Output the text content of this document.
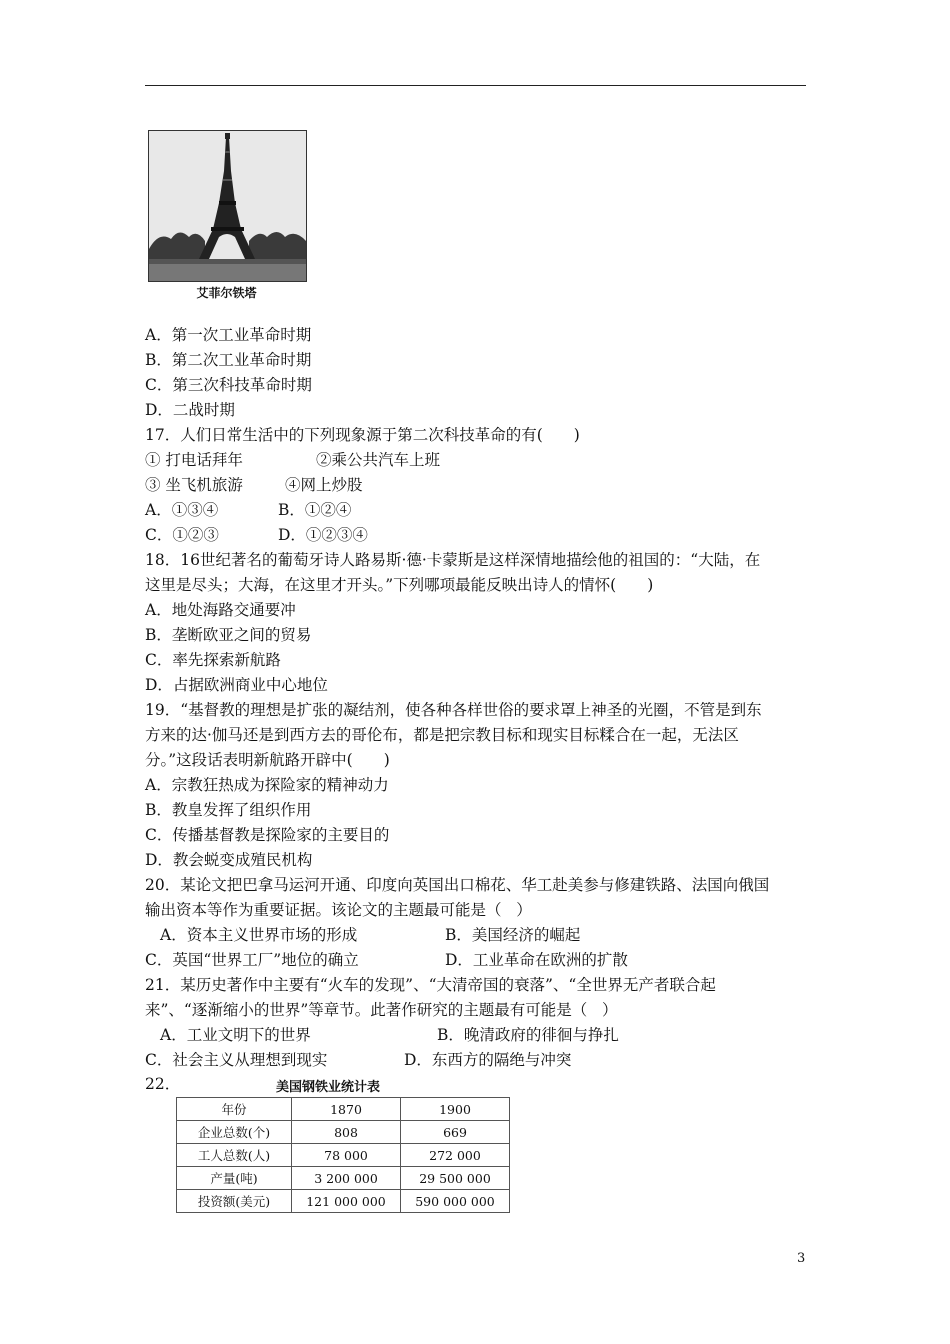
艾菲尔铁塔
A．第一次工业革命时期
B．第二次工业革命时期
C．第三次科技革命时期
D．二战时期
17．人们日常生活中的下列现象源于第二次科技革命的有(　　)
① 打电话拜年	②乘公共汽车上班
③ 坐飞机旅游	④网上炒股
A．①③④	B．①②④
C．①②③	D．①②③④
18．16世纪著名的葡萄牙诗人路易斯·德·卡蒙斯是这样深情地描绘他的祖国的：“大陆，在
这里是尽头；大海，在这里才开头。”下列哪项最能反映出诗人的情怀(　　)
A．地处海路交通要冲
B．垄断欧亚之间的贸易
C．率先探索新航路
D．占据欧洲商业中心地位
19．“基督教的理想是扩张的凝结剂，使各种各样世俗的要求罩上神圣的光圈，不管是到东
方来的达·伽马还是到西方去的哥伦布，都是把宗教目标和现实目标糅合在一起，无法区
分。”这段话表明新航路开辟中(　　)
A．宗教狂热成为探险家的精神动力
B．教皇发挥了组织作用
C．传播基督教是探险家的主要目的
D．教会蜕变成殖民机构
20．某论文把巴拿马运河开通、印度向英国出口棉花、华工赴美参与修建铁路、法国向俄国
输出资本等作为重要证据。该论文的主题最可能是（   ）
A．资本主义世界市场的形成	B．美国经济的崛起
C．英国“世界工厂”地位的确立	D．工业革命在欧洲的扩散
21．某历史著作中主要有“火车的发现”、“大清帝国的衰落”、“全世界无产者联合起
来”、“逐渐缩小的世界”等章节。此著作研究的主题最有可能是（   ）
A．工业文明下的世界	B．晚清政府的徘徊与挣扎
C．社会主义从理想到现实	D．东西方的隔绝与冲突
22．	美国钢铁业统计表
年份	1870	1900
企业总数(个)	808	669
工人总数(人)	78 000	272 000
产量(吨)	3 200 000	29 500 000
投资额(美元)	121 000 000	590 000 000
3
